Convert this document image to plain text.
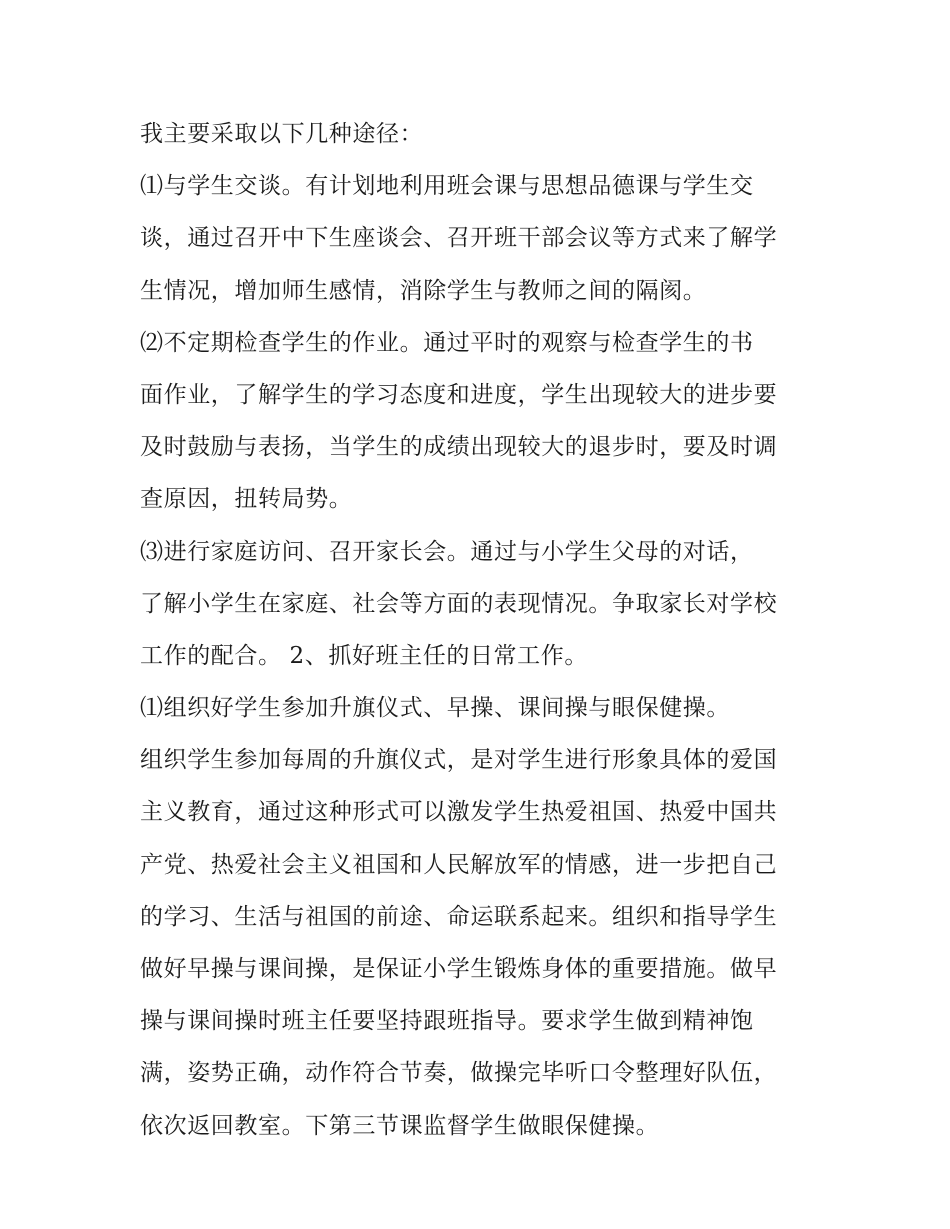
我主要采取以下几种途径：
⑴与学生交谈。有计划地利用班会课与思想品德课与学生交
谈，通过召开中下生座谈会、召开班干部会议等方式来了解学
生情况，增加师生感情，消除学生与教师之间的隔阂。
⑵不定期检查学生的作业。通过平时的观察与检查学生的书
面作业，了解学生的学习态度和进度，学生出现较大的进步要
及时鼓励与表扬，当学生的成绩出现较大的退步时，要及时调
查原因，扭转局势。
⑶进行家庭访问、召开家长会。通过与小学生父母的对话，
了解小学生在家庭、社会等方面的表现情况。争取家长对学校
工作的配合。 2、抓好班主任的日常工作。
⑴组织好学生参加升旗仪式、早操、课间操与眼保健操。
组织学生参加每周的升旗仪式，是对学生进行形象具体的爱国
主义教育，通过这种形式可以激发学生热爱祖国、热爱中国共
产党、热爱社会主义祖国和人民解放军的情感，进一步把自己
的学习、生活与祖国的前途、命运联系起来。组织和指导学生
做好早操与课间操，是保证小学生锻炼身体的重要措施。做早
操与课间操时班主任要坚持跟班指导。要求学生做到精神饱
满，姿势正确，动作符合节奏，做操完毕听口令整理好队伍，
依次返回教室。下第三节课监督学生做眼保健操。
